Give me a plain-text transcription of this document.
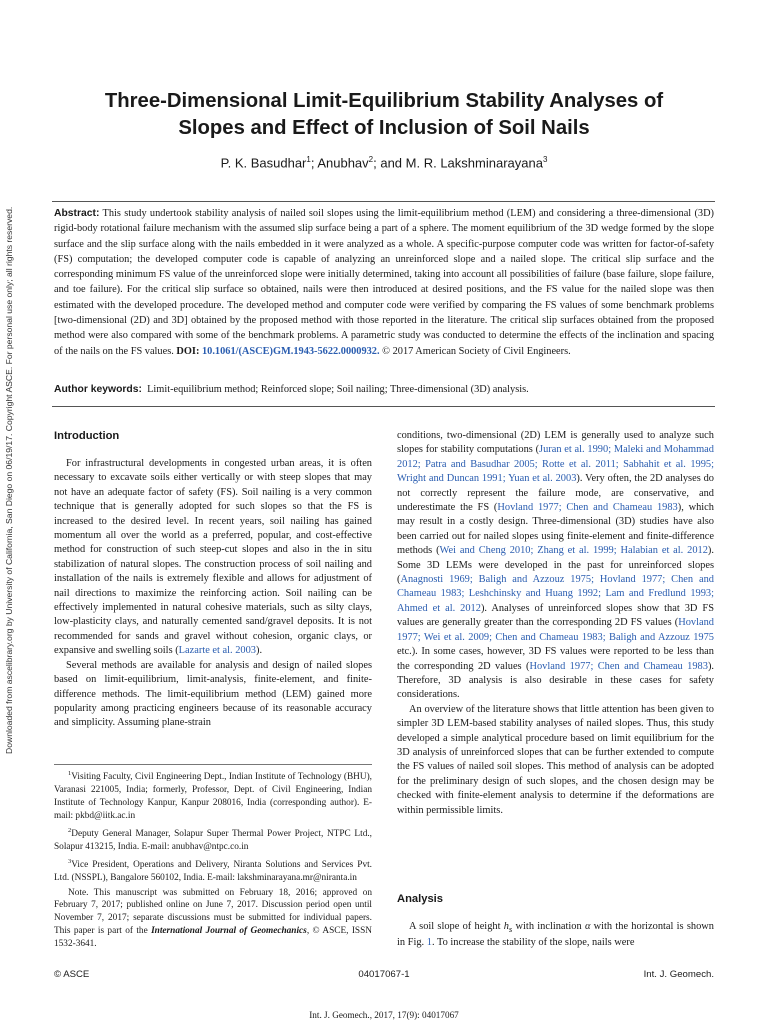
Downloaded from ascelibrary.org by University of California, San Diego on 06/19/17. Copyright ASCE. For personal use only; all rights reserved.
Three-Dimensional Limit-Equilibrium Stability Analyses of
Slopes and Effect of Inclusion of Soil Nails
P. K. Basudhar$^1$; Anubhav$^2$; and M. R. Lakshminarayana$^3$
Abstract: This study undertook stability analysis of nailed soil slopes using the limit-equilibrium method (LEM) and considering a three-dimensional (3D) rigid-body rotational failure mechanism with the assumed slip surface being a part of a sphere. The moment equilibrium of the 3D wedge formed by the slope surface and the slip surface along with the nails embedded in it were analyzed as a whole. A specific-purpose computer code was written for factor-of-safety (FS) computation; the developed computer code is capable of analyzing an unreinforced slope and a nailed slope. The critical slip surface and the corresponding minimum FS value of the unreinforced slope were initially determined, taking into account all possibilities of failure (base failure, slope failure, and toe failure). For the critical slip surface so obtained, nails were then introduced at desired positions, and the FS value for the nailed slope was then estimated with the developed procedure. The developed method and computer code were verified by comparing the FS values of some benchmark problems [two-dimensional (2D) and 3D] obtained by the proposed method with those reported in the literature. The critical slip surfaces obtained from the proposed method were also compared with some of the benchmark problems. A parametric study was conducted to determine the effects of the inclination and spacing of the nails on the FS values. DOI: 10.1061/(ASCE)GM.1943-5622.0000932. © 2017 American Society of Civil Engineers.
Author keywords: Limit-equilibrium method; Reinforced slope; Soil nailing; Three-dimensional (3D) analysis.
Introduction

For infrastructural developments in congested urban areas, it is often necessary to excavate soils either vertically or with steep slopes that may not have an adequate factor of safety (FS). Soil nailing is a very common technique that is generally adopted for such slopes so that the FS is increased to the desired level. In recent years, soil nailing has gained momentum all over the world as a preferred, popular, and cost-effective method for construction of such steep-cut slopes and also in the in situ stabilization of natural slopes. The construction process of soil nailing and installation of the nails is extremely flexible and allows for adjustment of nail directions to maximize the reinforcing action. Soil nailing can be effectively implemented in natural cohesive materials, such as silty clays, low-plasticity clays, and naturally cemented sand/gravel deposits. It is not recommended for sands and gravel without cohesion, organic clays, or expansive and swelling soils (Lazarte et al. 2003).

Several methods are available for analysis and design of nailed slopes based on limit-equilibrium, limit-analysis, finite-element, and finite-difference methods. The limit-equilibrium method (LEM) gained more popularity among practicing engineers because of its reasonable accuracy and simplicity. Assuming plane-strain

$^1$Visiting Faculty, Civil Engineering Dept., Indian Institute of Technology (BHU), Varanasi 221005, India; formerly, Professor, Dept. of Civil Engineering, Indian Institute of Technology Kanpur, Kanpur 208016, India (corresponding author). E-mail: pkbd@iitk.ac.in

$^2$Deputy General Manager, Solapur Super Thermal Power Project, NTPC Ltd., Solapur 413215, India. E-mail: anubhav@ntpc.co.in

$^3$Vice President, Operations and Delivery, Niranta Solutions and Services Pvt. Ltd. (NSSPL), Bangalore 560102, India. E-mail: lakshminarayana.mr@niranta.in

Note. This manuscript was submitted on February 18, 2016; approved on February 7, 2017; published online on June 7, 2017. Discussion period open until November 7, 2017; separate discussions must be submitted for individual papers. This paper is part of the International Journal of Geomechanics, © ASCE, ISSN 1532-3641.

conditions, two-dimensional (2D) LEM is generally used to analyze such slopes for stability computations (Juran et al. 1990; Maleki and Mohammad 2012; Patra and Basudhar 2005; Rotte et al. 2011; Sabhahit et al. 1995; Wright and Duncan 1991; Yuan et al. 2003). Very often, the 2D analyses do not correctly represent the failure mode, are conservative, and underestimate the FS (Hovland 1977; Chen and Chameau 1983), which may result in a costly design. Three-dimensional (3D) studies have also been carried out for nailed slopes using finite-element and finite-difference methods (Wei and Cheng 2010; Zhang et al. 1999; Halabian et al. 2012). Some 3D LEMs were developed in the past for unreinforced slopes (Anagnosti 1969; Baligh and Azzouz 1975; Hovland 1977; Chen and Chameau 1983; Leshchinsky and Huang 1992; Lam and Fredlund 1993; Ahmed et al. 2012). Analyses of unreinforced slopes show that 3D FS values are generally greater than the corresponding 2D FS values (Hovland 1977; Wei et al. 2009; Chen and Chameau 1983; Baligh and Azzouz 1975 etc.). In some cases, however, 3D FS values were reported to be less than the corresponding 2D values (Hovland 1977; Chen and Chameau 1983). Therefore, 3D analysis is also desirable in these cases for safety considerations.

An overview of the literature shows that little attention has been given to simpler 3D LEM-based stability analyses of nailed slopes. Thus, this study developed a simple analytical procedure based on limit equilibrium for the 3D analysis of unreinforced slopes that can be further extended to compute the FS values of nailed soil slopes. This method of analysis can be adopted for the preliminary design of such slopes, and the chosen design may be checked with finite-element analysis to determine if the deformations are within permissible limits.

Analysis

A soil slope of height $h_s$ with inclination α with the horizontal is shown in Fig. 1. To increase the stability of the slope, nails were

© ASCE	04017067-1	Int. J. Geomech.
Int. J. Geomech., 2017, 17(9): 04017067
